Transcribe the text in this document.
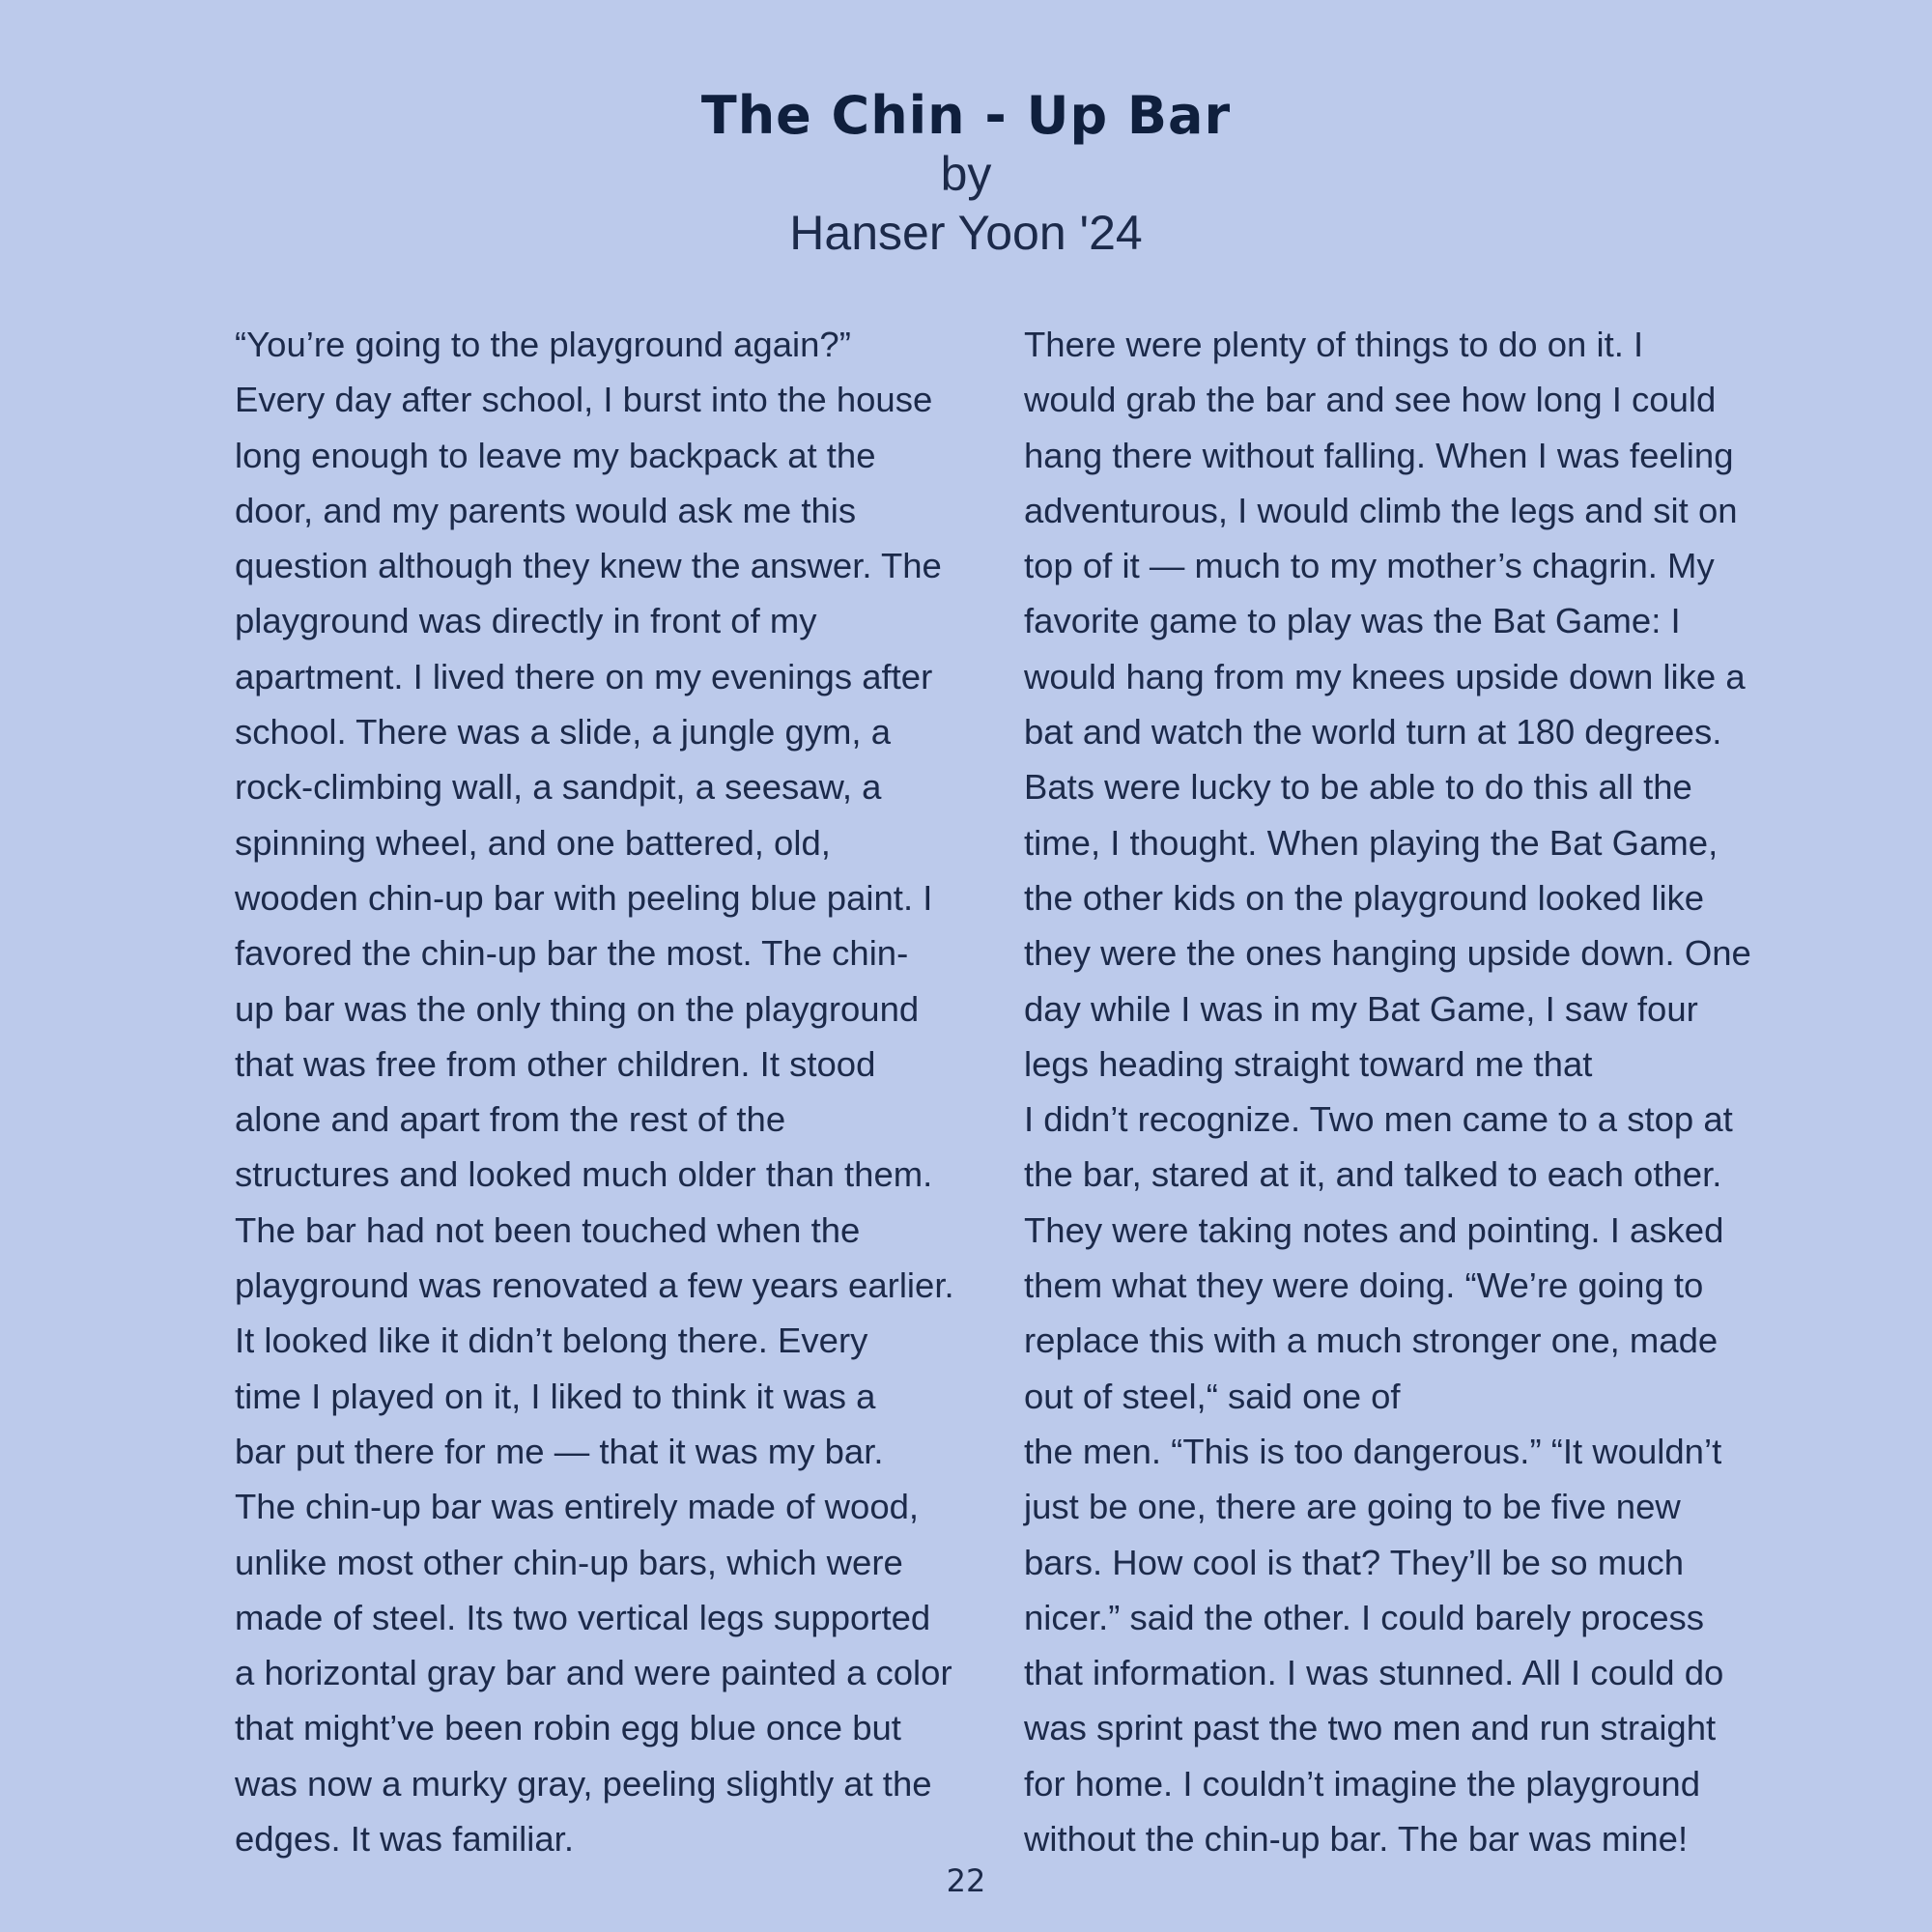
The Chin - Up Bar
by
Hanser Yoon '24
“You’re going to the playground again?”
Every day after school, I burst into the house
long enough to leave my backpack at the
door, and my parents would ask me this
question although they knew the answer. The
playground was directly in front of my
apartment. I lived there on my evenings after
school. There was a slide, a jungle gym, a
rock-climbing wall, a sandpit, a seesaw, a
spinning wheel, and one battered, old,
wooden chin-up bar with peeling blue paint. I
favored the chin-up bar the most. The chin-
up bar was the only thing on the playground
that was free from other children. It stood
alone and apart from the rest of the
structures and looked much older than them.
The bar had not been touched when the
playground was renovated a few years earlier.
It looked like it didn’t belong there. Every
time I played on it, I liked to think it was a
bar put there for me — that it was my bar.
The chin-up bar was entirely made of wood,
unlike most other chin-up bars, which were
made of steel. Its two vertical legs supported
a horizontal gray bar and were painted a color
that might’ve been robin egg blue once but
was now a murky gray, peeling slightly at the
edges. It was familiar.
There were plenty of things to do on it. I
would grab the bar and see how long I could
hang there without falling. When I was feeling
adventurous, I would climb the legs and sit on
top of it — much to my mother’s chagrin. My
favorite game to play was the Bat Game: I
would hang from my knees upside down like a
bat and watch the world turn at 180 degrees.
Bats were lucky to be able to do this all the
time, I thought. When playing the Bat Game,
the other kids on the playground looked like
they were the ones hanging upside down. One
day while I was in my Bat Game, I saw four
legs heading straight toward me that
I didn’t recognize. Two men came to a stop at
the bar, stared at it, and talked to each other.
They were taking notes and pointing. I asked
them what they were doing. “We’re going to
replace this with a much stronger one, made
out of steel,“ said one of
the men. “This is too dangerous.” “It wouldn’t
just be one, there are going to be five new
bars. How cool is that? They’ll be so much
nicer.” said the other. I could barely process
that information. I was stunned. All I could do
was sprint past the two men and run straight
for home. I couldn’t imagine the playground
without the chin-up bar. The bar was mine!
22
